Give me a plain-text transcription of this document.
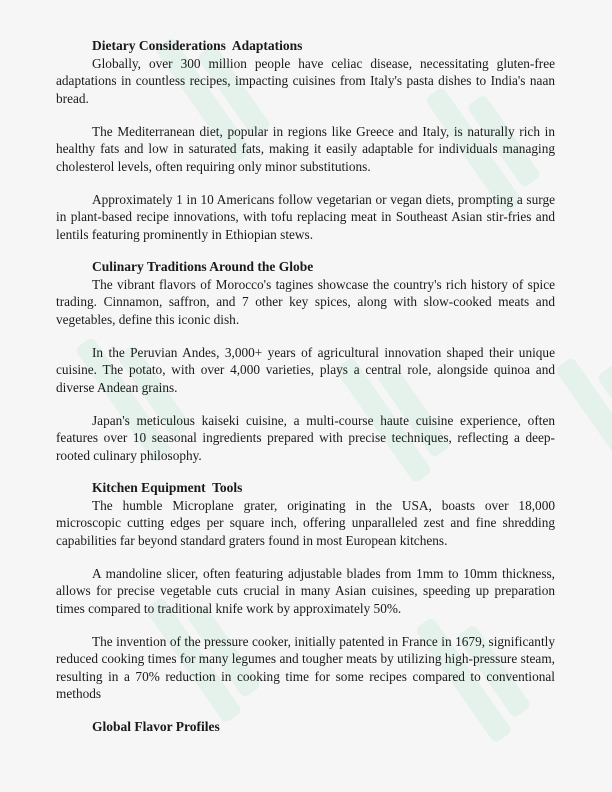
Dietary Considerations  Adaptations

Globally, over 300 million people have celiac disease, necessitating gluten-free adaptations in countless recipes, impacting cuisines from Italy's pasta dishes to India's naan bread.

The Mediterranean diet, popular in regions like Greece and Italy, is naturally rich in healthy fats and low in saturated fats, making it easily adaptable for individuals managing cholesterol levels, often requiring only minor substitutions.

Approximately 1 in 10 Americans follow vegetarian or vegan diets, prompting a surge in plant-based recipe innovations, with tofu replacing meat in Southeast Asian stir-fries and lentils featuring prominently in Ethiopian stews.

Culinary Traditions Around the Globe

The vibrant flavors of Morocco's tagines showcase the country's rich history of spice trading. Cinnamon, saffron, and 7 other key spices, along with slow-cooked meats and vegetables, define this iconic dish.

In the Peruvian Andes, 3,000+ years of agricultural innovation shaped their unique cuisine. The potato, with over 4,000 varieties, plays a central role, alongside quinoa and diverse Andean grains.

Japan's meticulous kaiseki cuisine, a multi-course haute cuisine experience, often features over 10 seasonal ingredients prepared with precise techniques, reflecting a deep-rooted culinary philosophy.

Kitchen Equipment  Tools

The humble Microplane grater, originating in the USA, boasts over 18,000 microscopic cutting edges per square inch, offering unparalleled zest and fine shredding capabilities far beyond standard graters found in most European kitchens.

A mandoline slicer, often featuring adjustable blades from 1mm to 10mm thickness, allows for precise vegetable cuts crucial in many Asian cuisines, speeding up preparation times compared to traditional knife work by approximately 50%.

The invention of the pressure cooker, initially patented in France in 1679, significantly reduced cooking times for many legumes and tougher meats by utilizing high-pressure steam, resulting in a 70% reduction in cooking time for some recipes compared to conventional methods

Global Flavor Profiles
